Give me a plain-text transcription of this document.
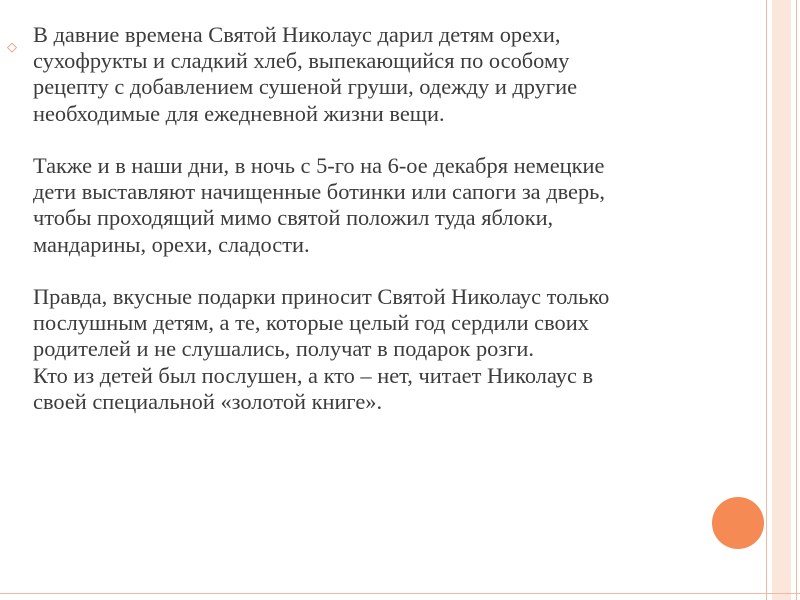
◇

В давние времена Святой Николаус дарил детям орехи,
сухофрукты и сладкий хлеб, выпекающийся по особому
рецепту с добавлением сушеной груши, одежду и другие
необходимые для ежедневной жизни вещи.

Также и в наши дни, в ночь с 5-го на 6-ое декабря немецкие
дети выставляют начищенные ботинки или сапоги за дверь,
чтобы проходящий мимо святой положил туда яблоки,
мандарины, орехи, сладости.

Правда, вкусные подарки приносит Святой Николаус только
послушным детям, а те, которые целый год сердили своих
родителей и не слушались, получат в подарок розги.

Кто из детей был послушен, а кто – нет, читает Николаус в
своей специальной «золотой книге».
